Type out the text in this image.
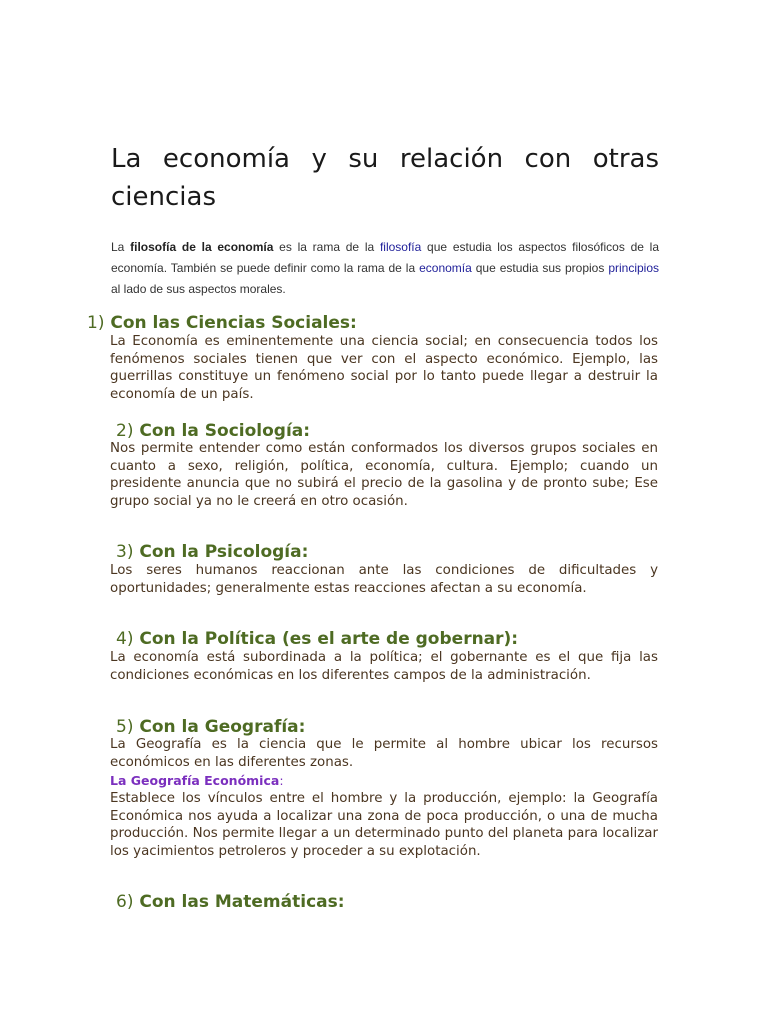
La economía y su relación con otras ciencias

La filosofía de la economía es la rama de la filosofía que estudia los aspectos filosóficos de la economía. También se puede definir como la rama de la economía que estudia sus propios principios al lado de sus aspectos morales.

1) Con las Ciencias Sociales:

La Economía es eminentemente una ciencia social; en consecuencia todos los fenómenos sociales tienen que ver con el aspecto económico. Ejemplo, las guerrillas constituye un fenómeno social por lo tanto puede llegar a destruir la economía de un país.

2) Con la Sociología:

Nos permite entender como están conformados los diversos grupos sociales en cuanto a sexo, religión, política, economía, cultura. Ejemplo; cuando un presidente anuncia que no subirá el precio de la gasolina y de pronto sube; Ese grupo social ya no le creerá en otro ocasión.

3) Con la Psicología:

Los seres humanos reaccionan ante las condiciones de dificultades y oportunidades; generalmente estas reacciones afectan a su economía.

4) Con la Política (es el arte de gobernar):

La economía está subordinada a la política; el gobernante es el que fija las condiciones económicas en los diferentes campos de la administración.

5) Con la Geografía:

La Geografía es la ciencia que le permite al hombre ubicar los recursos económicos en las diferentes zonas.

La Geografía Económica:

Establece los vínculos entre el hombre y la producción, ejemplo: la Geografía Económica nos ayuda a localizar una zona de poca producción, o una de mucha producción. Nos permite llegar a un determinado punto del planeta para localizar los yacimientos petroleros y proceder a su explotación.

6) Con las Matemáticas:
